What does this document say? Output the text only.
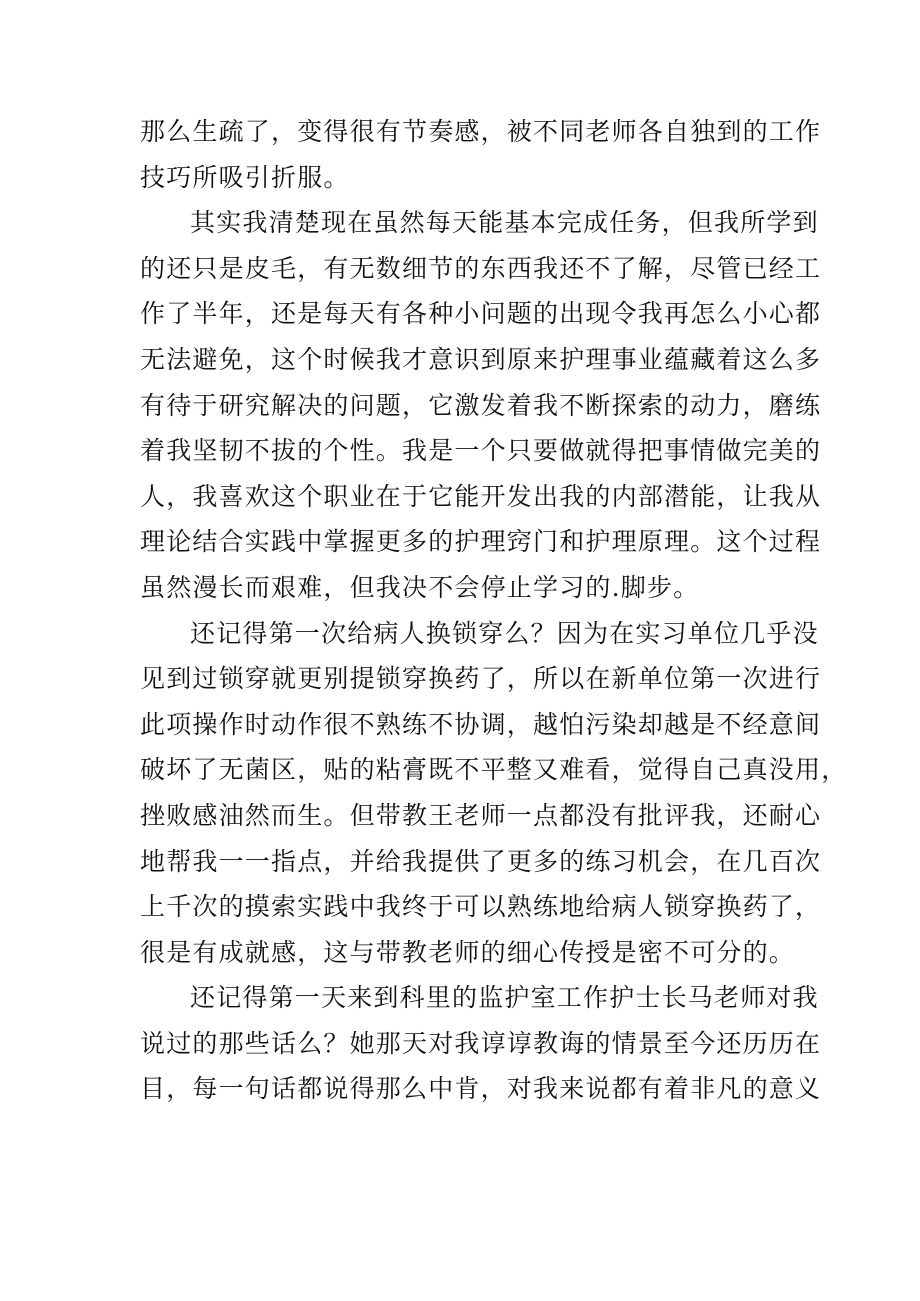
那么生疏了，变得很有节奏感，被不同老师各自独到的工作
技巧所吸引折服。

其实我清楚现在虽然每天能基本完成任务，但我所学到
的还只是皮毛，有无数细节的东西我还不了解，尽管已经工
作了半年，还是每天有各种小问题的出现令我再怎么小心都
无法避免，这个时候我才意识到原来护理事业蕴藏着这么多
有待于研究解决的问题，它激发着我不断探索的动力，磨练
着我坚韧不拔的个性。我是一个只要做就得把事情做完美的
人，我喜欢这个职业在于它能开发出我的内部潜能，让我从
理论结合实践中掌握更多的护理窍门和护理原理。这个过程
虽然漫长而艰难，但我决不会停止学习的.脚步。

还记得第一次给病人换锁穿么？因为在实习单位几乎没
见到过锁穿就更别提锁穿换药了，所以在新单位第一次进行
此项操作时动作很不熟练不协调，越怕污染却越是不经意间
破坏了无菌区，贴的粘膏既不平整又难看，觉得自己真没用，
挫败感油然而生。但带教王老师一点都没有批评我，还耐心
地帮我一一指点，并给我提供了更多的练习机会，在几百次
上千次的摸索实践中我终于可以熟练地给病人锁穿换药了，
很是有成就感，这与带教老师的细心传授是密不可分的。

还记得第一天来到科里的监护室工作护士长马老师对我
说过的那些话么？她那天对我谆谆教诲的情景至今还历历在
目，每一句话都说得那么中肯，对我来说都有着非凡的意义
